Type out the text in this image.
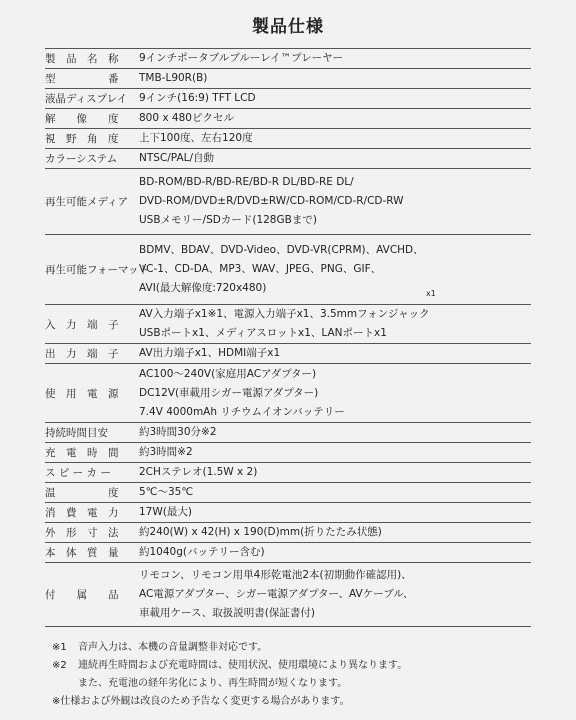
製品仕様
製　品　名　称	9インチポータブルブルーレイ™プレーヤー

型　　　　　番	TMB-L90R(B)

液晶ディスプレイ	9インチ(16:9) TFT LCD

解　　像　　度	800 x 480ピクセル

視　野　角　度	上下100度、左右120度

カラーシステム	NTSC/PAL/自動

再生可能メディア	BD-ROM/BD-R/BD-RE/BD-R DL/BD-RE DL/
DVD-ROM/DVD±R/DVD±RW/CD-ROM/CD-R/CD-RW
USBメモリー/SDカード(128GBまで)

再生可能フォーマット	BDMV、BDAV、DVD-Video、DVD-VR(CPRM)、AVCHD、
VC-1、CD-DA、MP3、WAV、JPEG、PNG、GIF、
AVI(最大解像度:720x480)

入　力　端　子	AV入力端子x1※1、電源入力端子x1、3.5mmフォンジャック
USBポートx1、メディアスロットx1、LANポートx1

出　力　端　子	AV出力端子x1、HDMI端子x1

使　用　電　源	AC100〜240V(家庭用ACアダプター)
DC12V(車載用シガー電源アダプター)
7.4V 4000mAh リチウムイオンバッテリー

持続時間目安	約3時間30分※2

充　電　時　間	約3時間※2

ス ピ ー カ ー	2CHステレオ(1.5W x 2)

温　　　　　度	5℃〜35℃

消　費　電　力	17W(最大)

外　形　寸　法	約240(W) x 42(H) x 190(D)mm(折りたたみ状態)

本　体　質　量	約1040g(バッテリー含む)

付　　属　　品	リモコン、リモコン用単4形乾電池2本(初期動作確認用)、
AC電源アダプター、シガー電源アダプター、AVケーブル、
車載用ケース、取扱説明書(保証書付)
x1
※1	音声入力は、本機の音量調整非対応です。
※2	連続再生時間および充電時間は、使用状況、使用環境により異なります。
また、充電池の経年劣化により、再生時間が短くなります。
※仕様および外観は改良のため予告なく変更する場合があります。
